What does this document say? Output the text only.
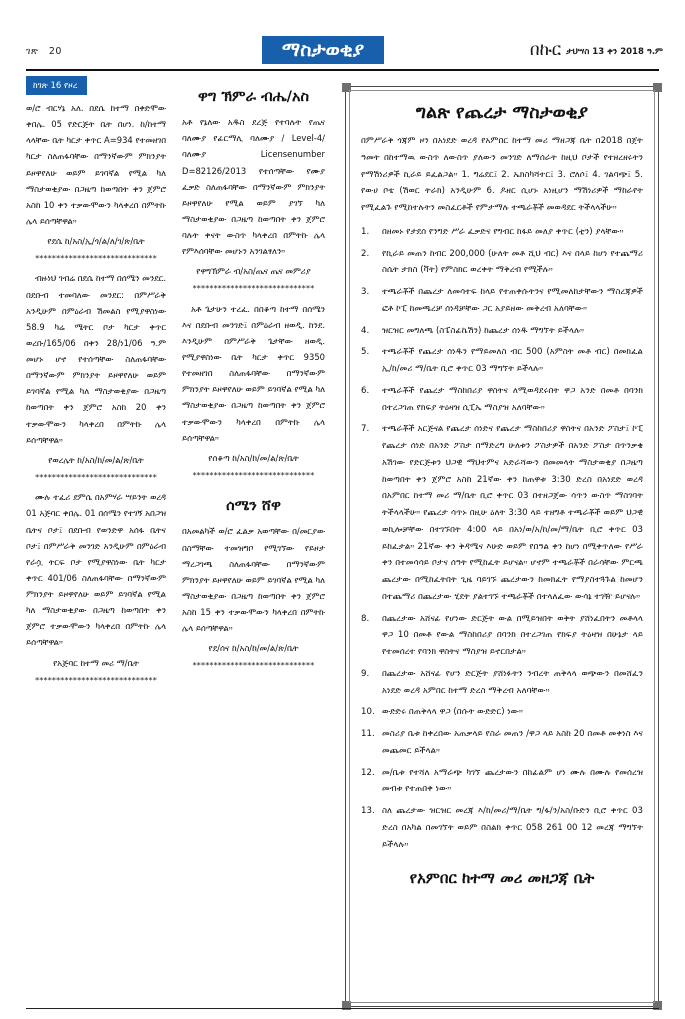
ገጽ 20	ማስታወቂያ	በኩር ታህሣስ 13 ቀን 2018 ዓ.ም
ከገጽ 16 የዞረ

ወ/ሮ ብርሃኔ አለ. በደሴ ከተማ በቀድሞው ቀበሌ. 05 የድርጅት ቤት በሆነ. ከ/ከተማ ላላቸው ቤት ካርታ ቀጥር A=934 የተመዘገበ ካርታ ስለጠፋባቸው በማንኛውም ምክንያት ይዞዋየለሁ ወይም ይገባኛል የሚል ካለ ማስታወቂያው በጋዜጣ ከወጣበት ቀን ጀምሮ አስከ 10 ቀን ተቃውሞውን ካላቀረበ በምትኩ ሌላ ይሰጣቸዋል።

የደሴ ከ/አስ/ኢ/ጎ/ል/ለ/ገ/ጽ/ቤት

*****************************

ብዙነህ ገብሬ በደሴ ከተማ በሰሜን መንደር. በደቡብ ተመባለው መንደር: በምሥራቅ አንዲሁም በምዕራብ ሽመልስ የሚያዋስነው 58.9 ካሬ ሜትር ቦታ ካርታ ቀጥር ወረቡ/165/06 በቀን 28/ነ1/06 ዓ.ም መሆኑ ሆኖ የተሰጣቸው ስለጠፋባቸው በማንኛውም ምክንያት ይዞዋየለሁ ወይም ይገባኛል የሚል ካለ ማስታወቂያው በጋዜጣ ከወጣበት ቀን ጀምሮ አስከ 20 ቀን ተቃውሞውን ካላቀረበ በምትኩ ሌላ ይሰጣቸዋል።

የወረሌት ከ/አስ/ከ/መ/ል/ጽ/ቤት

*****************************

ሙሉ ተፈሪ ደምሴ በአምሃራ ሣይንት ወረዳ 01 አጅባር ቀበሌ. 01 በሰሜን የተገኝ አበጋዝ ቤትና ቦታ፤ በደቡብ የወንድዋ አሰፋ ቤትና ቦታ፤ በምሥራቅ መንገድ አንዲሁም በምዕራብ የራሷ ትርፍ ቦታ የሚያዋስነው ቤት ካርታ ቀጥር 401/06 ስለጠፋባቸው በማንኛውም ምክንያት ይዞዋየለሁ ወይም ይገባኛል የሚል ካለ ማስታወቂያው በጋዜጣ ከወጣበት ቀን ጀምሮ ተቃውሞውን ካላቀረበ በምትኩ ሌላ ይሰጣቸዋል።

የአጅባር ከተማ መሪ ማ/ቤት

*****************************

ዋግ ኽምራ ብሔ/አስ

አቶ የኔለው አዱስ ደረጅ የተባሉት የጤና ባለሙያ የፊርማሊ ባለሙያ / Level-4/ባለሙያ Licensenumber D=82126/2013 የተሰጣቸው የሙያ ፈቃድ ስለጠፋባቸው በማንኛውም ምክንያት ይዞዋየለሁ የሚል ወይም ያገኘ ካለ ማስታወቂያው በጋዜጣ ከወጣበት ቀን ጀምሮ ባሉት ቀናት ውስጥ ካላቀረበ በምትኩ ሌላ የምእሰባቸው መሆኑን አንገልፃለን።

የዋግኽምራ ብ/አስ/ጤና ጤና መምሪያ

*****************************

አቶ ጌታሁን ተረፈ. በበቆጣ ከተማ በሰሜን እና በደቡብ መንገድ፤ በምዕራብ ዘወዲ. ከንደ. እንዲሁም በምሥራቅ ጌታቸው ዘወዲ. የሚያዋስነው ቤት ካርታ ቀጥር 9350 የተመዘገበ ስለጠፋባቸው በማንኛውም ምክንያት ይዞዋየለሁ ወይም ይገባኛል የሚል ካለ ማስታወቂያው በጋዜጣ ከወጣበት ቀን ጀምሮ ተቃውሞውን ካላቀረበ በምትኩ ሌላ ይሰጣቸዋል።

የሰቆጣ ከ/አስ/ከ/መ/ል/ጽ/ቤት

*****************************

ሰሜን ሸዋ

በአመልካች ወ/ሮ ፈልቃ አወጣቸው በ/መርያው በስማቸው ተመዝግቦ የሚገኘው የይዞታ ማረጋገጫ ስለጠፋባቸው በማንኛውም ምክንያት ይዞዋየለሁ ወይም ይገባኛል የሚል ካለ ማስታወቂያው በጋዜጣ ከወጣበት ቀን ጀምሮ አስከ 15 ቀን ተቃውሞውን ካላቀረበ በምትኩ ሌላ ይሰጣቸዋል።

የደ/ሰና ከ/አስ/ከ/መ/ል/ጽ/ቤት

*****************************

ግልጽ የጨረታ ማስታወቂያ
በምሥራቅ ጎጃም ዞን በአነደድ ወረዳ የአምበር ከተማ መሪ ማዘጋጃ ቤት በ2018 በጀት ዓመት በከተማዉ ውስጥ ለውስጥ ያለውን መንገድ ለማሰራት ከዚህ ቦታች የተዘረዘሩትን የማሽነሪዎች ኪራይ ይፈልጋል። 1. ግሬደር፤ 2. ኤክስካሻተር፤ 3. ሮለሶ፤ 4. ገልባጭ፤ 5. የውሀ ቦቴ (ሽወር ትራክ) አንዲሁም 6. ዶዘር ሲሆኑ አነዚሆን ማሽነሪዎች ማከራየት የሚፈልጉ የሚከተሉትን መስፈርቶች የምታማሉ ተጫራቾች መወዳደር ትችላላችሁ።
በዘመኑ የታደሰ የንግድ ሥራ ፈቃድና የግብር ከፋይ መለያ ቀጥር (ቲን) ያላቸው።
የኪራይ መጠን ከብር 200,000 (ሁለት መቶ ሺህ ብር) እና በላይ ከሆነ የተጨማሪ ስሴት ታክስ (ቫት) የምስክር ወረቀት ማቅረብ የሚችሉ።
ተጫራቾች በጨረታ ለመሳተፍ ከላይ የተጠቀሱትንና የሚመለከታቸውን ማስረጃዎች ፎቶ ኮፒ ከመጫረቻ ሰነዳቻቸው ጋር አያይዘው መቅረብ አለባቸው።
ዝርዝር መግለጫ (ስፔስፊኬሽን) ከጨረታ ሰነዱ ማግኘት ይችላሉ።
ተጫራቾች የጨረታ ሰነዱን የማይመለስ ብር 500 (አምስት መቶ ብር) በመክፈል ኢ/ከ/መሪ ማ/ቤት ቢሮ ቀጥር 03 ማግኘት ይችላሉ።
ተጫራቾች የጨረታ ማስከበሪያ ዋስትና ለሚወዳደሩበት ዋጋ አንድ በመቶ በባንክ በተረጋገጠ የክፍያ ትዕዛዝ ሲፒኤ ማስያዝ አለባቸው።
ተጫራቾች አርጅናል የጨረታ ሰነድና የጨረታ ማስከበሪያ ዋስትና በአንድ ፖስታ፤ ኮፒ የጨረታ ሰነድ በአንድ ፖስታ በማድረግ ሁለቱን ፖስታዎች በአንድ ፖስታ በጥንቃቄ አሽገው የድርጅቱን ህጋዊ ማህተምና አድራሻውን በመመላት ማስታወቂያ በጋዜጣ ከወጣበት ቀን ጀምሮ አስከ 21ኛው ቀን ከጠዋቱ 3:30 ድረስ በአነደድ ወረዳ በአምበር ከተማ መሪ ማ/ቤት ቢሮ ቀጥር 03 በተዘጋጀው ሳጥን ውስጥ ማስገባት ትችላላችሁ። የጨረታ ሳጥኑ በዚሁ ዕለት 3:30 ላይ ተዘግቶ ተጫራቾች ወይም ህጋዊ ወኪሎቻቸው በተገኙበት 4:00 ላይ በአነ/ወ/አ/ከ/መ/ማ/ቤት ቢሮ ቀጥር 03 ይከፈታል። 21ኛው ቀን ቅዳሜና እሁድ ወይም የበዓል ቀን ከሆነ በሚቀጥለው የሥራ ቀን በተመሳሳይ ቦታና ሰዓት የሚከፈት ይሆናል። ሆኖም ተጫራቾች በራሳቸው ምርጫ ጨረታው በሚከፈትበት ጊዜ ባይገኙ ጨረታውን ከመክፈት የማያስተጓጉል ከመሆን በተጨማሪ በጨረታው ሂደት ያልተገኙ ተጫራቾች በተላለፈው ውሳኔ ተገዥ ይሆናሉ።
በጨረታው አሸናፊ የሆነው ድርጅት ውል በሚይዝበት ወቅት ያሸነፈበትን መቶላላ ዋጋ 10 በመቶ የውል ማስከበሪያ በባንክ በተረጋገጠ የክፍያ ትዕዛዝ በሁኔታ ላይ የተመሰረተ የባንክ ዋስትና ማስያዝ ይኖርበታል።
በጨረታው አሸናፊ የሆን ድርጅት ያሸነፉትን ንብረት ጠቅላላ ወጭውን በመሸፈን አነደድ ወረዳ አምበር ከተማ ድረስ ማቅረብ አለባቸው።
ውድድሩ በጠቅላላ ዋጋ (በሱት ውድድር) ነው።
መስሪያ ቤቱ ከቀረበው አጠቃላይ የስራ መጠን /ዋጋ ላይ አስከ 20 በመቶ መቀነስ እና መጨመር ይችላል።
መ/ቤቱ የተሻለ አማራጭ ካገኘ ጨረታውን በከፊልም ሆነ ሙሉ በሙሉ የመሰረዝ መብቱ የተጠበቀ ነው።
ስለ ጨረታው ዝርዝር መረጃ እ/ከ/መሪ/ማ/ቤት ግ/ፋ/ን/አስ/ቡድን ቢሮ ቀጥር 03 ድረስ በአካል በመገኘት ወይም በስልክ ቀጥር 058 261 00 12 መረጃ ማግኘት ይችላሉ።
የአምበር ከተማ መሪ መዘጋጃ ቤት
